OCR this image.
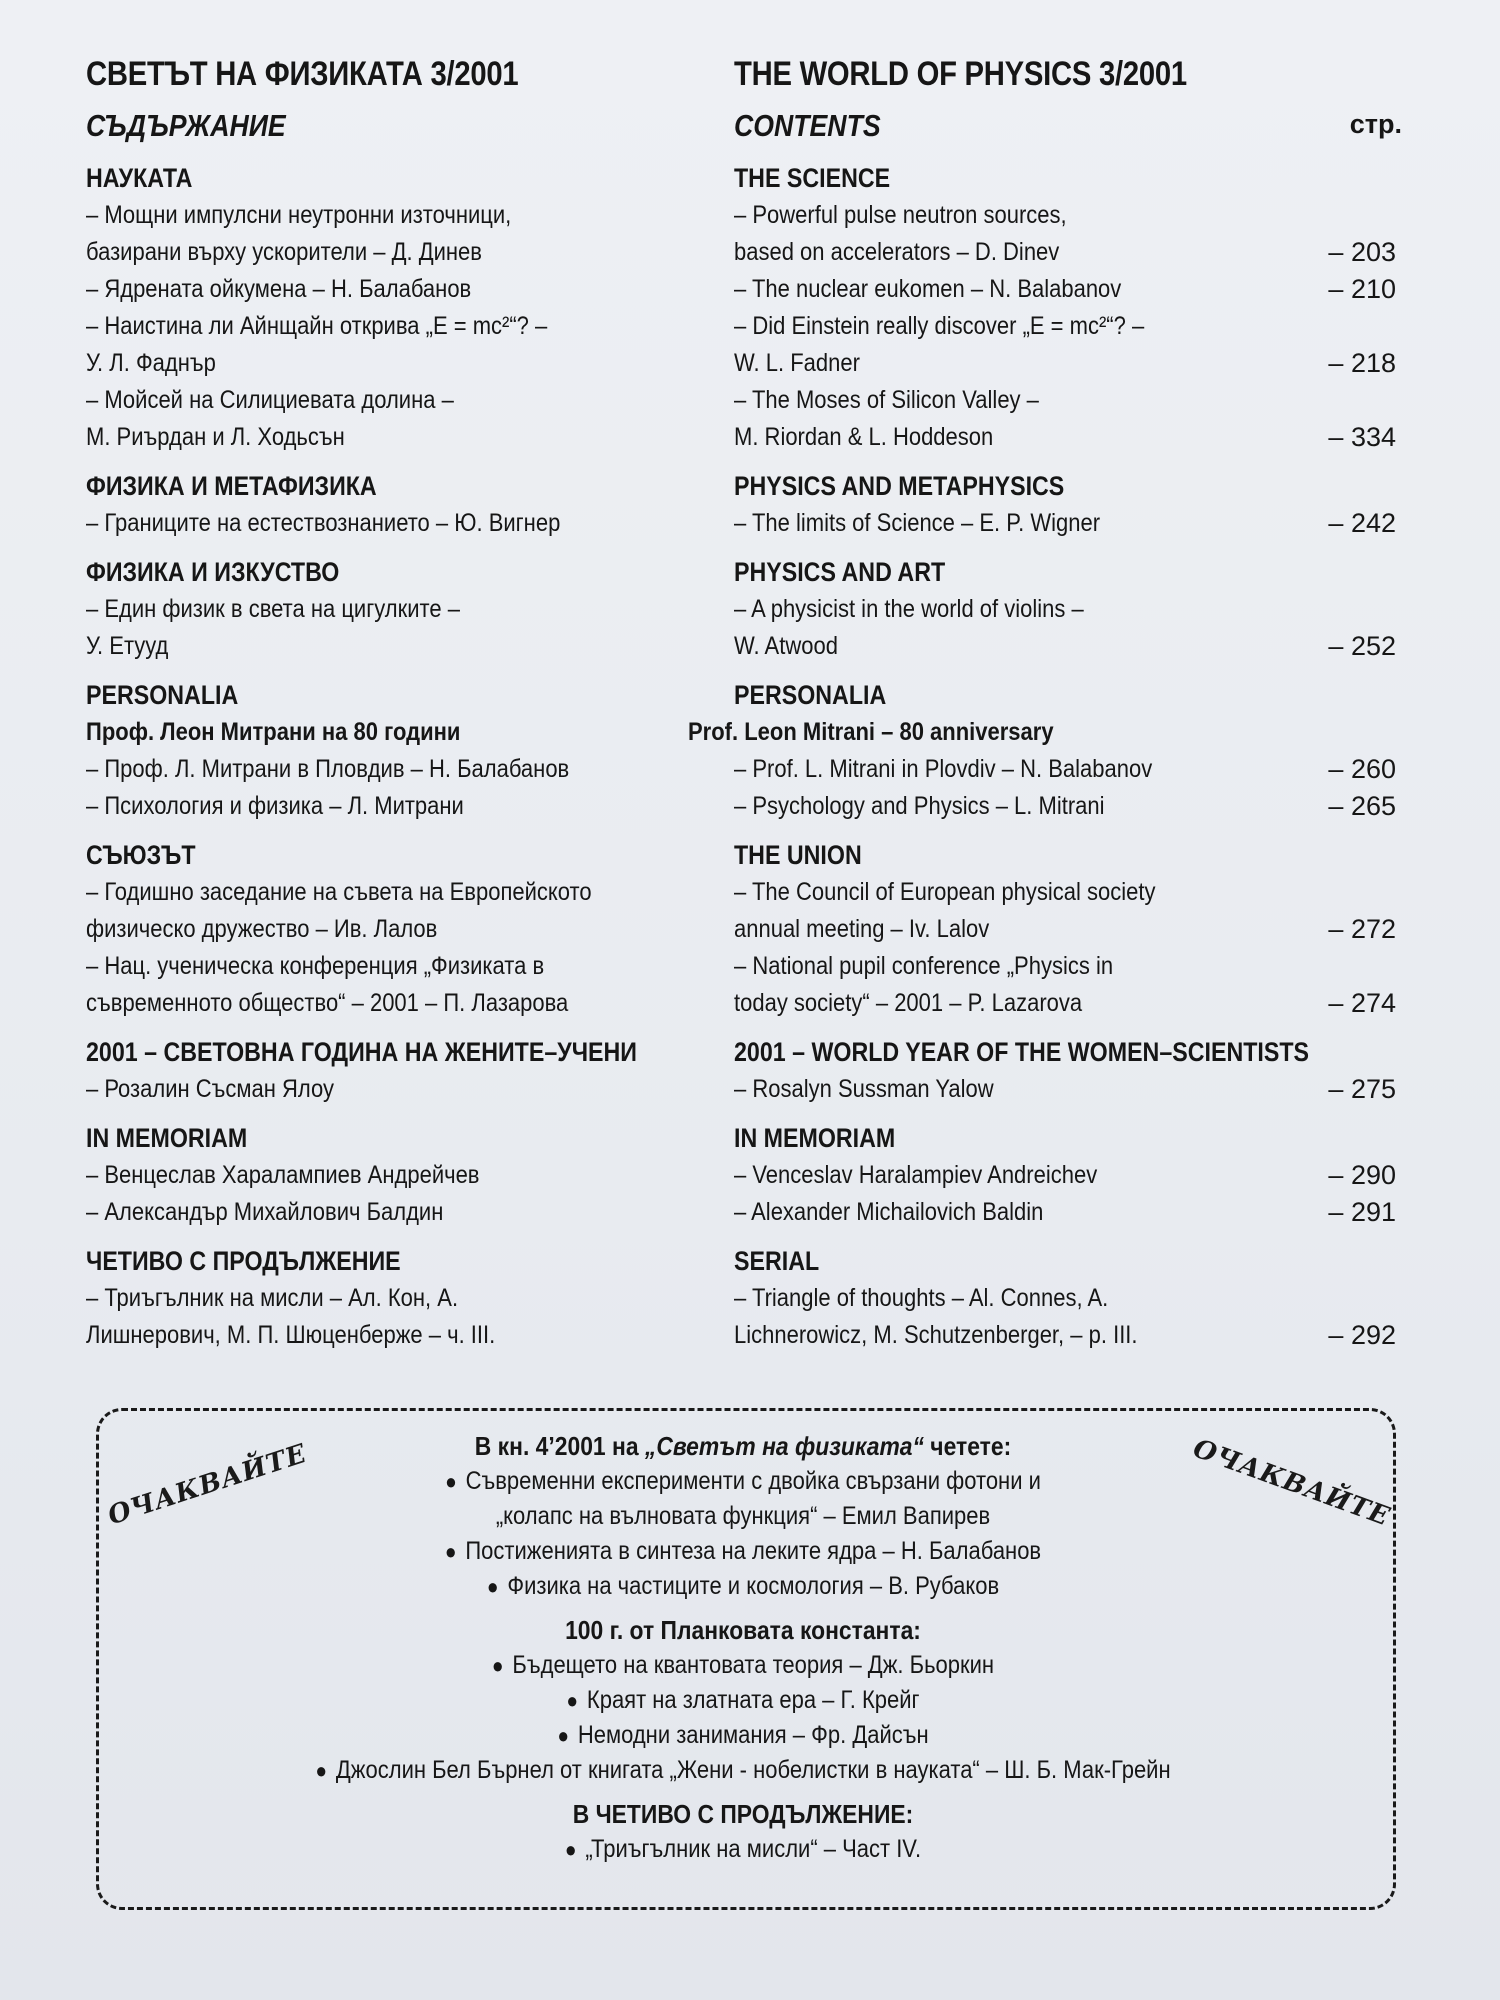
СВЕТЪТ НА ФИЗИКАТА 3/2001
СЪДЪРЖАНИЕ
НАУКАТА
– Мощни импулсни неутронни източници,
базирани върху ускорители – Д. Динев
– Ядрената ойкумена – Н. Балабанов
– Наистина ли Айнщайн открива „E = mc²“? –
У. Л. Фаднър
– Мойсей на Силициевата долина –
М. Риърдан и Л. Ходьсън
ФИЗИКА И МЕТАФИЗИКА
– Границите на естествознанието – Ю. Вигнер
ФИЗИКА И ИЗКУСТВО
– Един физик в света на цигулките –
У. Етууд
PERSONALIA
Проф. Леон Митрани на 80 години
– Проф. Л. Митрани в Пловдив – Н. Балабанов
– Психология и физика – Л. Митрани
СЪЮЗЪТ
– Годишно заседание на съвета на Европейското
физическо дружество – Ив. Лалов
– Нац. ученическа конференция „Физиката в
съвременното общество“ – 2001 – П. Лазарова
2001 – СВЕТОВНА ГОДИНА НА ЖЕНИТЕ–УЧЕНИ
– Розалин Съсман Ялоу
IN MEMORIAM
– Венцеслав Харалампиев Андрейчев
– Александър Михайлович Балдин
ЧЕТИВО С ПРОДЪЛЖЕНИЕ
– Триъгълник на мисли – Ал. Кон, А.
Лишнерович, М. П. Шюценберже – ч. III.
THE WORLD OF PHYSICS 3/2001
CONTENTS	стр.
THE SCIENCE
– Powerful pulse neutron sources,
based on accelerators – D. Dinev	– 203
– The nuclear eukomen – N. Balabanov	– 210
– Did Einstein really discover „E = mc²“? –
W. L. Fadner	– 218
– The Moses of Silicon Valley –
M. Riordan & L. Hoddeson	– 334
PHYSICS AND METAPHYSICS
– The limits of Science – E. P. Wigner	– 242
PHYSICS AND ART
– A physicist in the world of violins –
W. Atwood	– 252
PERSONALIA
Prof. Leon Mitrani – 80 anniversary
– Prof. L. Mitrani in Plovdiv – N. Balabanov	– 260
– Psychology and Physics – L. Mitrani	– 265
THE UNION
– The Council of European physical society
annual meeting – Iv. Lalov	– 272
– National pupil conference „Physics in
today society“ – 2001 – P. Lazarova	– 274
2001 – WORLD YEAR OF THE WOMEN–SCIENTISTS
– Rosalyn Sussman Yalow	– 275
IN MEMORIAM
– Venceslav Haralampiev Andreichev	– 290
– Alexander Michailovich Baldin	– 291
SERIAL
– Triangle of thoughts – Al. Connes, A.
Lichnerowicz, M. Schutzenberger, – p. III.	– 292
ОЧАКВАЙТЕ	ОЧАКВАЙТЕ
В кн. 4’2001 на „Светът на физиката“ четете:
● Съвременни експерименти с двойка свързани фотони и
„колапс на вълновата функция“ – Емил Вапирев
● Постиженията в синтеза на леките ядра – Н. Балабанов
● Физика на частиците и космология – В. Рубаков
100 г. от Планковата константа:
● Бъдещето на квантовата теория – Дж. Бьоркин
● Краят на златната ера – Г. Крейг
● Немодни занимания – Фр. Дайсън
● Джослин Бел Бърнел от книгата „Жени - нобелистки в науката“ – Ш. Б. Мак-Грейн
В ЧЕТИВО С ПРОДЪЛЖЕНИЕ:
● „Триъгълник на мисли“ – Част IV.
